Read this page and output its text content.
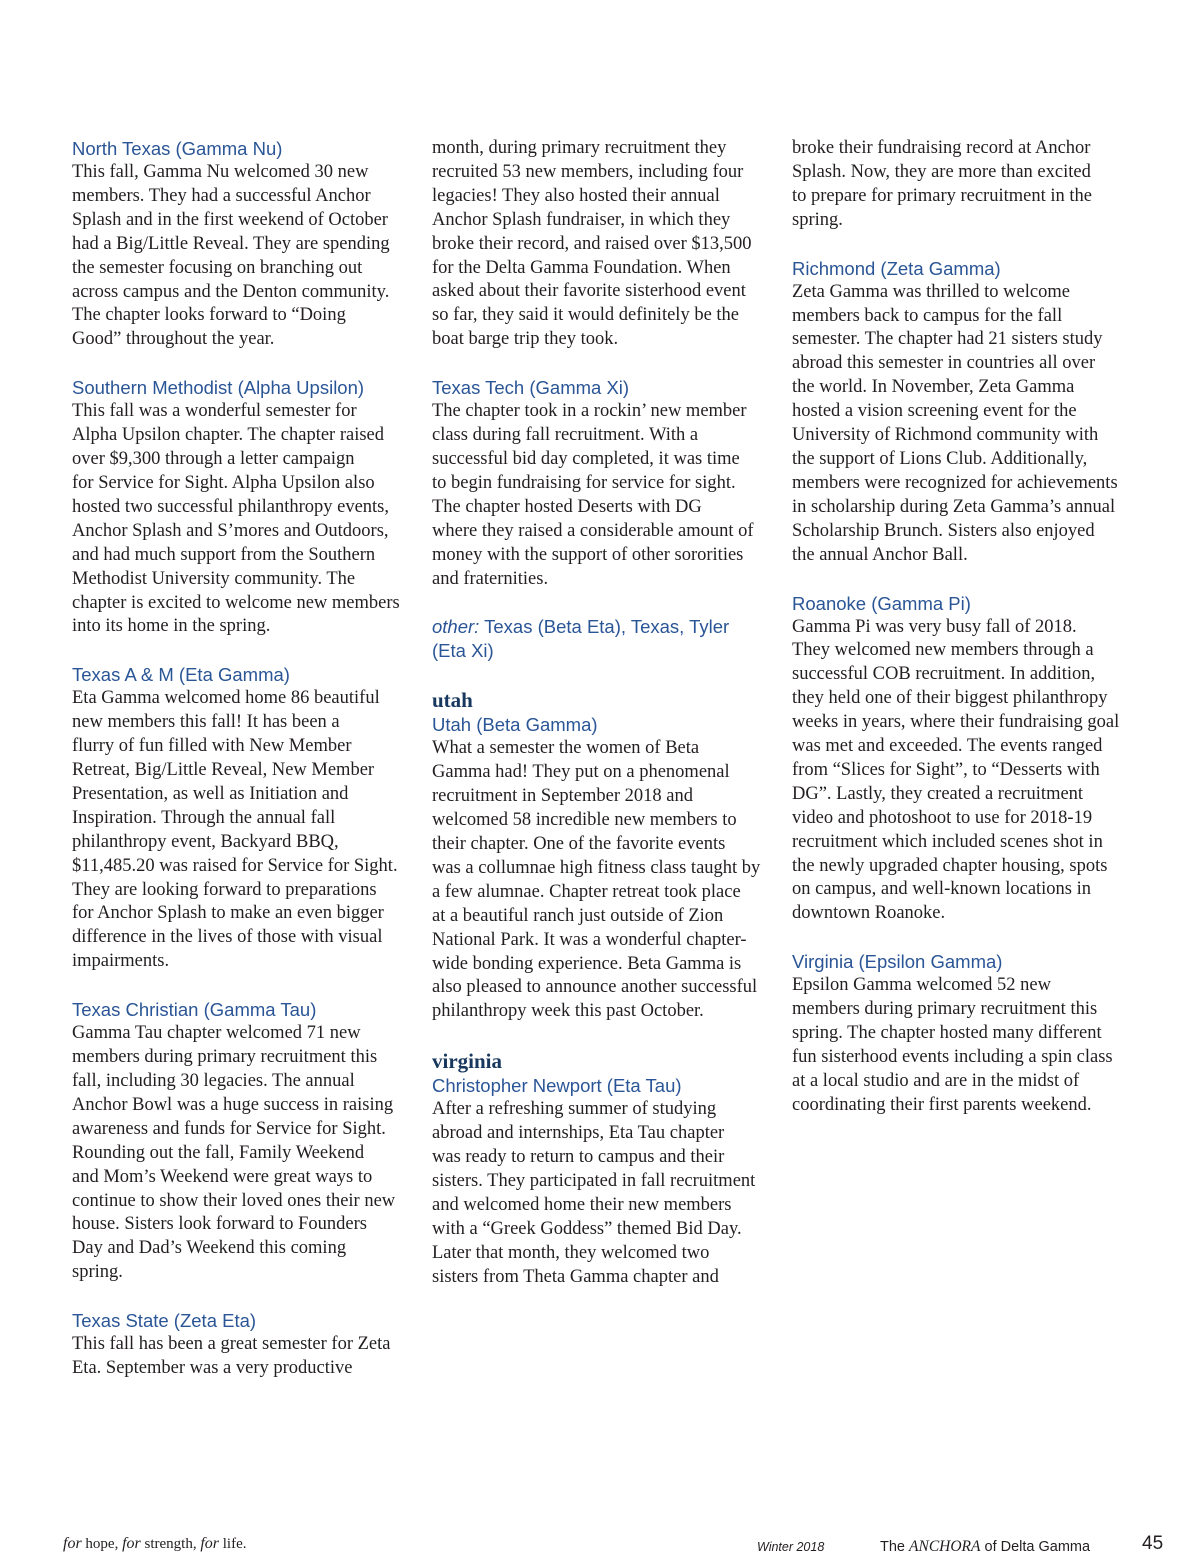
North Texas (Gamma Nu)
This fall, Gamma Nu welcomed 30 new
members. They had a successful Anchor
Splash and in the first weekend of October
had a Big/Little Reveal. They are spending
the semester focusing on branching out
across campus and the Denton community.
The chapter looks forward to “Doing
Good” throughout the year.
Southern Methodist (Alpha Upsilon)
This fall was a wonderful semester for
Alpha Upsilon chapter. The chapter raised
over $9,300 through a letter campaign
for Service for Sight. Alpha Upsilon also
hosted two successful philanthropy events,
Anchor Splash and S’mores and Outdoors,
and had much support from the Southern
Methodist University community. The
chapter is excited to welcome new members
into its home in the spring.
Texas A & M (Eta Gamma)
Eta Gamma welcomed home 86 beautiful
new members this fall! It has been a
flurry of fun filled with New Member
Retreat, Big/Little Reveal, New Member
Presentation, as well as Initiation and
Inspiration. Through the annual fall
philanthropy event, Backyard BBQ,
$11,485.20 was raised for Service for Sight.
They are looking forward to preparations
for Anchor Splash to make an even bigger
difference in the lives of those with visual
impairments.
Texas Christian (Gamma Tau)
Gamma Tau chapter welcomed 71 new
members during primary recruitment this
fall, including 30 legacies. The annual
Anchor Bowl was a huge success in raising
awareness and funds for Service for Sight.
Rounding out the fall, Family Weekend
and Mom’s Weekend were great ways to
continue to show their loved ones their new
house. Sisters look forward to Founders
Day and Dad’s Weekend this coming
spring.
Texas State (Zeta Eta)
This fall has been a great semester for Zeta
Eta. September was a very productive
month, during primary recruitment they
recruited 53 new members, including four
legacies! They also hosted their annual
Anchor Splash fundraiser, in which they
broke their record, and raised over $13,500
for the Delta Gamma Foundation. When
asked about their favorite sisterhood event
so far, they said it would definitely be the
boat barge trip they took.
Texas Tech (Gamma Xi)
The chapter took in a rockin’ new member
class during fall recruitment. With a
successful bid day completed, it was time
to begin fundraising for service for sight.
The chapter hosted Deserts with DG
where they raised a considerable amount of
money with the support of other sororities
and fraternities.
other: Texas (Beta Eta), Texas, Tyler
(Eta Xi)
utah
Utah (Beta Gamma)
What a semester the women of Beta
Gamma had! They put on a phenomenal
recruitment in September 2018 and
welcomed 58 incredible new members to
their chapter. One of the favorite events
was a collumnae high fitness class taught by
a few alumnae. Chapter retreat took place
at a beautiful ranch just outside of Zion
National Park. It was a wonderful chapter-
wide bonding experience. Beta Gamma is
also pleased to announce another successful
philanthropy week this past October.
virginia
Christopher Newport (Eta Tau)
After a refreshing summer of studying
abroad and internships, Eta Tau chapter
was ready to return to campus and their
sisters. They participated in fall recruitment
and welcomed home their new members
with a “Greek Goddess” themed Bid Day.
Later that month, they welcomed two
sisters from Theta Gamma chapter and
broke their fundraising record at Anchor
Splash. Now, they are more than excited
to prepare for primary recruitment in the
spring.
Richmond (Zeta Gamma)
Zeta Gamma was thrilled to welcome
members back to campus for the fall
semester. The chapter had 21 sisters study
abroad this semester in countries all over
the world. In November, Zeta Gamma
hosted a vision screening event for the
University of Richmond community with
the support of Lions Club. Additionally,
members were recognized for achievements
in scholarship during Zeta Gamma’s annual
Scholarship Brunch. Sisters also enjoyed
the annual Anchor Ball.
Roanoke (Gamma Pi)
Gamma Pi was very busy fall of 2018.
They welcomed new members through a
successful COB recruitment. In addition,
they held one of their biggest philanthropy
weeks in years, where their fundraising goal
was met and exceeded. The events ranged
from “Slices for Sight”, to “Desserts with
DG”. Lastly, they created a recruitment
video and photoshoot to use for 2018-19
recruitment which included scenes shot in
the newly upgraded chapter housing, spots
on campus, and well-known locations in
downtown Roanoke.
Virginia (Epsilon Gamma)
Epsilon Gamma welcomed 52 new
members during primary recruitment this
spring. The chapter hosted many different
fun sisterhood events including a spin class
at a local studio and are in the midst of
coordinating their first parents weekend.
for hope, for strength, for life.	Winter 2018	The ANCHORA of Delta Gamma	45
